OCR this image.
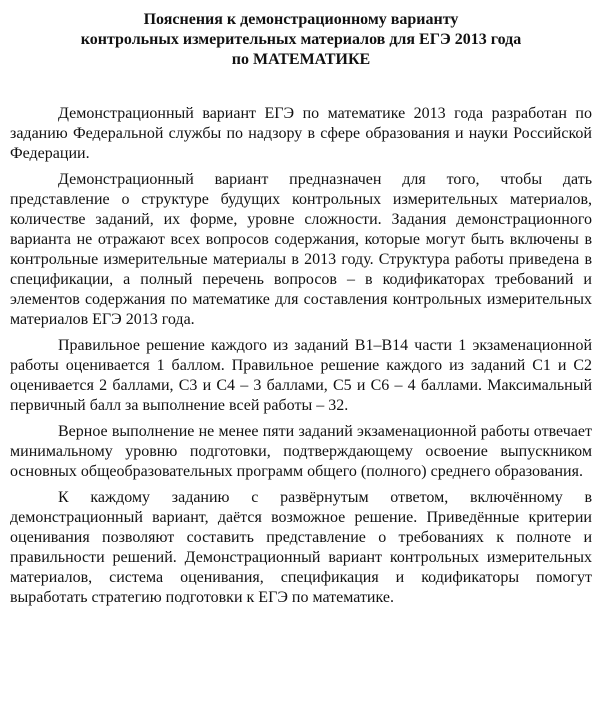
Пояснения к демонстрационному варианту
контрольных измерительных материалов для ЕГЭ 2013 года
по МАТЕМАТИКЕ

Демонстрационный вариант ЕГЭ по математике 2013 года разработан по заданию Федеральной службы по надзору в сфере образования и науки Российской Федерации.

Демонстрационный вариант предназначен для того, чтобы дать представление о структуре будущих контрольных измерительных материалов, количестве заданий, их форме, уровне сложности. Задания демонстрационного варианта не отражают всех вопросов содержания, которые могут быть включены в контрольные измерительные материалы в 2013 году. Структура работы приведена в спецификации, а полный перечень вопросов – в кодификаторах требований и элементов содержания по математике для составления контрольных измерительных материалов ЕГЭ 2013 года.

Правильное решение каждого из заданий В1–В14 части 1 экзаменационной работы оценивается 1 баллом. Правильное решение каждого из заданий С1 и С2 оценивается 2 баллами, С3 и С4 – 3 баллами, С5 и С6 – 4 баллами. Максимальный первичный балл за выполнение всей работы – 32.

Верное выполнение не менее пяти заданий экзаменационной работы отвечает минимальному уровню подготовки, подтверждающему освоение выпускником основных общеобразовательных программ общего (полного) среднего образования.

К каждому заданию с развёрнутым ответом, включённому в демонстрационный вариант, даётся возможное решение. Приведённые критерии оценивания позволяют составить представление о требованиях к полноте и правильности решений. Демонстрационный вариант контрольных измерительных материалов, система оценивания, спецификация и кодификаторы помогут выработать стратегию подготовки к ЕГЭ по математике.
